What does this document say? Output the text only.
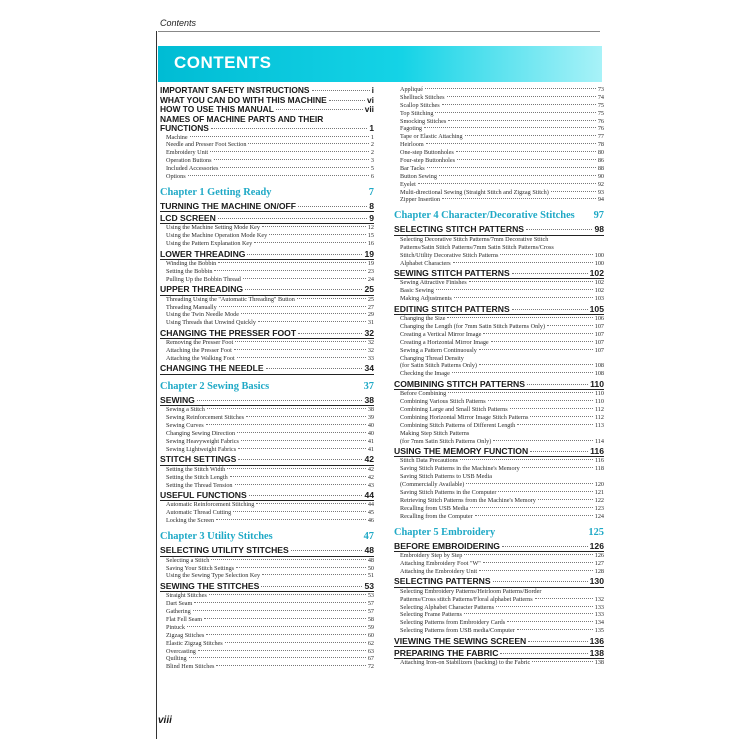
Contents
CONTENTS
IMPORTANT SAFETY INSTRUCTIONS	i
WHAT YOU CAN DO WITH THIS MACHINE	vi
HOW TO USE THIS MANUAL	vii
NAMES OF MACHINE PARTS AND THEIR
FUNCTIONS	1
Machine	1
Needle and Presser Foot Section	2
Embroidery Unit	2
Operation Buttons	3
Included Accessories	5
Options	6
Chapter 1 Getting Ready	7
TURNING THE MACHINE ON/OFF	8
LCD SCREEN	9
Using the Machine Setting Mode Key	12
Using the Machine Operation Mode Key	15
Using the Pattern Explanation Key	16
LOWER THREADING	19
Winding the Bobbin	19
Setting the Bobbin	23
Pulling Up the Bobbin Thread	24
UPPER THREADING	25
Threading Using the "Automatic Threading" Button	25
Threading Manually	27
Using the Twin Needle Mode	29
Using Threads that Unwind Quickly	31
CHANGING THE PRESSER FOOT	32
Removing the Presser Foot	32
Attaching the Presser Foot	32
Attaching the Walking Foot	33
CHANGING THE NEEDLE	34
Chapter 2 Sewing Basics	37
SEWING	38
Sewing a Stitch	38
Sewing Reinforcement Stitches	39
Sewing Curves	40
Changing Sewing Direction	40
Sewing Heavyweight Fabrics	41
Sewing Lightweight Fabrics	41
STITCH SETTINGS	42
Setting the Stitch Width	42
Setting the Stitch Length	42
Setting the Thread Tension	43
USEFUL FUNCTIONS	44
Automatic Reinforcement Stitching	44
Automatic Thread Cutting	45
Locking the Screen	46
Chapter 3 Utility Stitches	47
SELECTING UTILITY STITCHES	48
Selecting a Stitch	48
Saving Your Stitch Settings	50
Using the Sewing Type Selection Key	51
SEWING THE STITCHES	53
Straight Stitches	53
Dart Seam	57
Gathering	57
Flat Fell Seam	58
Pintuck	59
Zigzag Stitches	60
Elastic Zigzag Stitches	62
Overcasting	63
Quilting	67
Blind Hem Stitches	72
Appliqué	73
Shelltuck Stitches	74
Scallop Stitches	75
Top Stitching	75
Smocking Stitches	76
Fagoting	76
Tape or Elastic Attaching	77
Heirloom	78
One-step Buttonholes	80
Four-step Buttonholes	86
Bar Tacks	88
Button Sewing	90
Eyelet	92
Multi-directional Sewing (Straight Stitch and Zigzag Stitch)	93
Zipper Insertion	94
Chapter 4 Character/Decorative Stitches 97
SELECTING STITCH PATTERNS	98
Selecting Decorative Stitch Patterns/7mm Decorative Stitch
Patterns/Satin Stitch Patterns/7mm Satin Stitch Patterns/Cross
Stitch/Utility Decorative Stitch Patterns	100
Alphabet Characters	100
SEWING STITCH PATTERNS	102
Sewing Attractive Finishes	102
Basic Sewing	102
Making Adjustments	103
EDITING STITCH PATTERNS	105
Changing the Size	106
Changing the Length (for 7mm Satin Stitch Patterns Only)	107
Creating a Vertical Mirror Image	107
Creating a Horizontal Mirror Image	107
Sewing a Pattern Continuously	107
Changing Thread Density
(for Satin Stitch Patterns Only)	108
Checking the Image	108
COMBINING STITCH PATTERNS	110
Before Combining	110
Combining Various Stitch Patterns	110
Combining Large and Small Stitch Patterns	112
Combining Horizontal Mirror Image Stitch Patterns	112
Combining Stitch Patterns of Different Length	113
Making Step Stitch Patterns
(for 7mm Satin Stitch Patterns Only)	114
USING THE MEMORY FUNCTION	116
Stitch Data Precautions	116
Saving Stitch Patterns in the Machine's Memory	118
Saving Stitch Patterns to USB Media
(Commercially Available)	120
Saving Stitch Patterns in the Computer	121
Retrieving Stitch Patterns from the Machine's Memory	122
Recalling from USB Media	123
Recalling from the Computer	124
Chapter 5 Embroidery	125
BEFORE EMBROIDERING	126
Embroidery Step by Step	126
Attaching Embroidery Foot "W"	127
Attaching the Embroidery Unit	128
SELECTING PATTERNS	130
Selecting Embroidery Patterns/Heirloom Patterns/Border
Patterns/Cross stitch Patterns/Floral alphabet Patterns	132
Selecting Alphabet Character Patterns	133
Selecting Frame Patterns	133
Selecting Patterns from Embroidery Cards	134
Selecting Patterns from USB media/Computer	135
VIEWING THE SEWING SCREEN	136
PREPARING THE FABRIC	138
Attaching Iron-on Stabilizers (backing) to the Fabric	138
viii
